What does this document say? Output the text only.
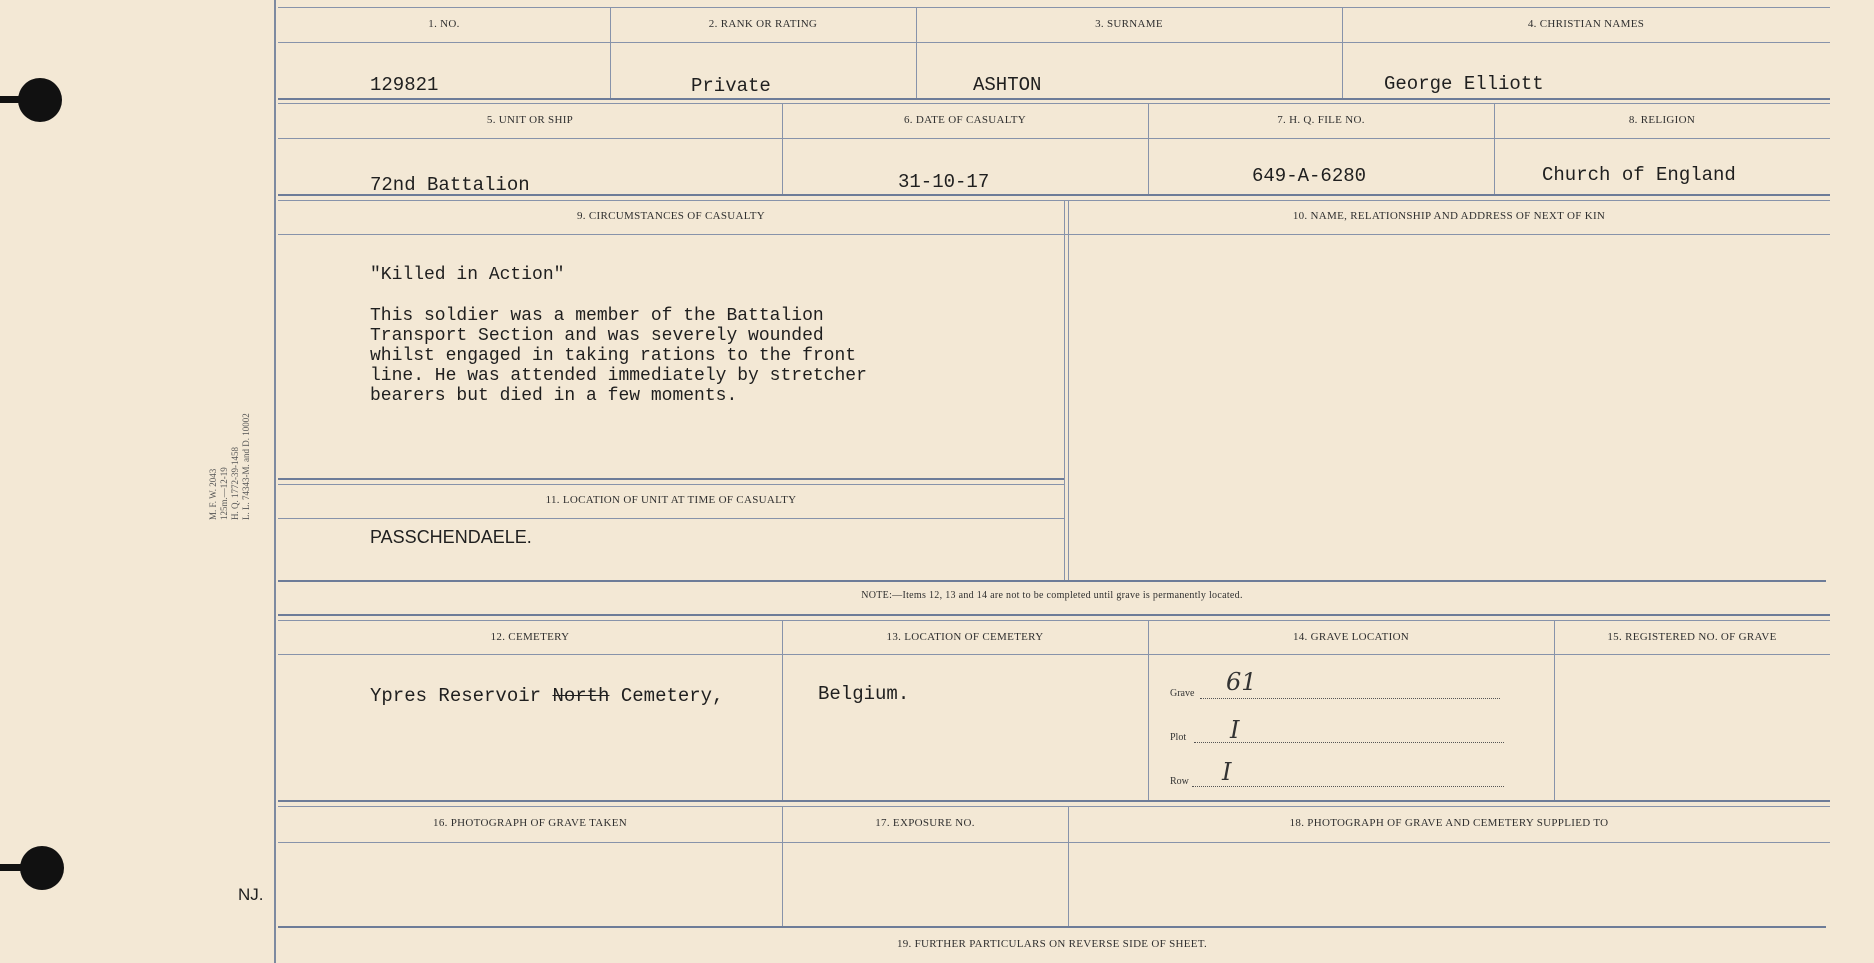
M. F. W. 2043 125m.—12-19 H. Q. 1772-39-1458 L. L. 74343-M. and D. 10002
NJ.
1. NO.	2. RANK OR RATING	3. SURNAME	4. CHRISTIAN NAMES
129821	Private	ASHTON	George Elliott
5. UNIT OR SHIP	6. DATE OF CASUALTY	7. H. Q. FILE NO.	8. RELIGION
72nd Battalion	31-10-17	649-A-6280	Church of England
9. CIRCUMSTANCES OF CASUALTY	10. NAME, RELATIONSHIP AND ADDRESS OF NEXT OF KIN
"Killed in Action"
This soldier was a member of the Battalion
Transport Section and was severely wounded
whilst engaged in taking rations to the front
line. He was attended immediately by stretcher
bearers but died in a few moments.
11. LOCATION OF UNIT AT TIME OF CASUALTY
PASSCHENDAELE.
NOTE:—Items 12, 13 and 14 are not to be completed until grave is permanently located.
12. CEMETERY	13. LOCATION OF CEMETERY	14. GRAVE LOCATION	15. REGISTERED NO. OF GRAVE
Ypres Reservoir North Cemetery,	Belgium.	Grave 61
Plot I
Row I
16. PHOTOGRAPH OF GRAVE TAKEN	17. EXPOSURE NO.	18. PHOTOGRAPH OF GRAVE AND CEMETERY SUPPLIED TO
19. FURTHER PARTICULARS ON REVERSE SIDE OF SHEET.
